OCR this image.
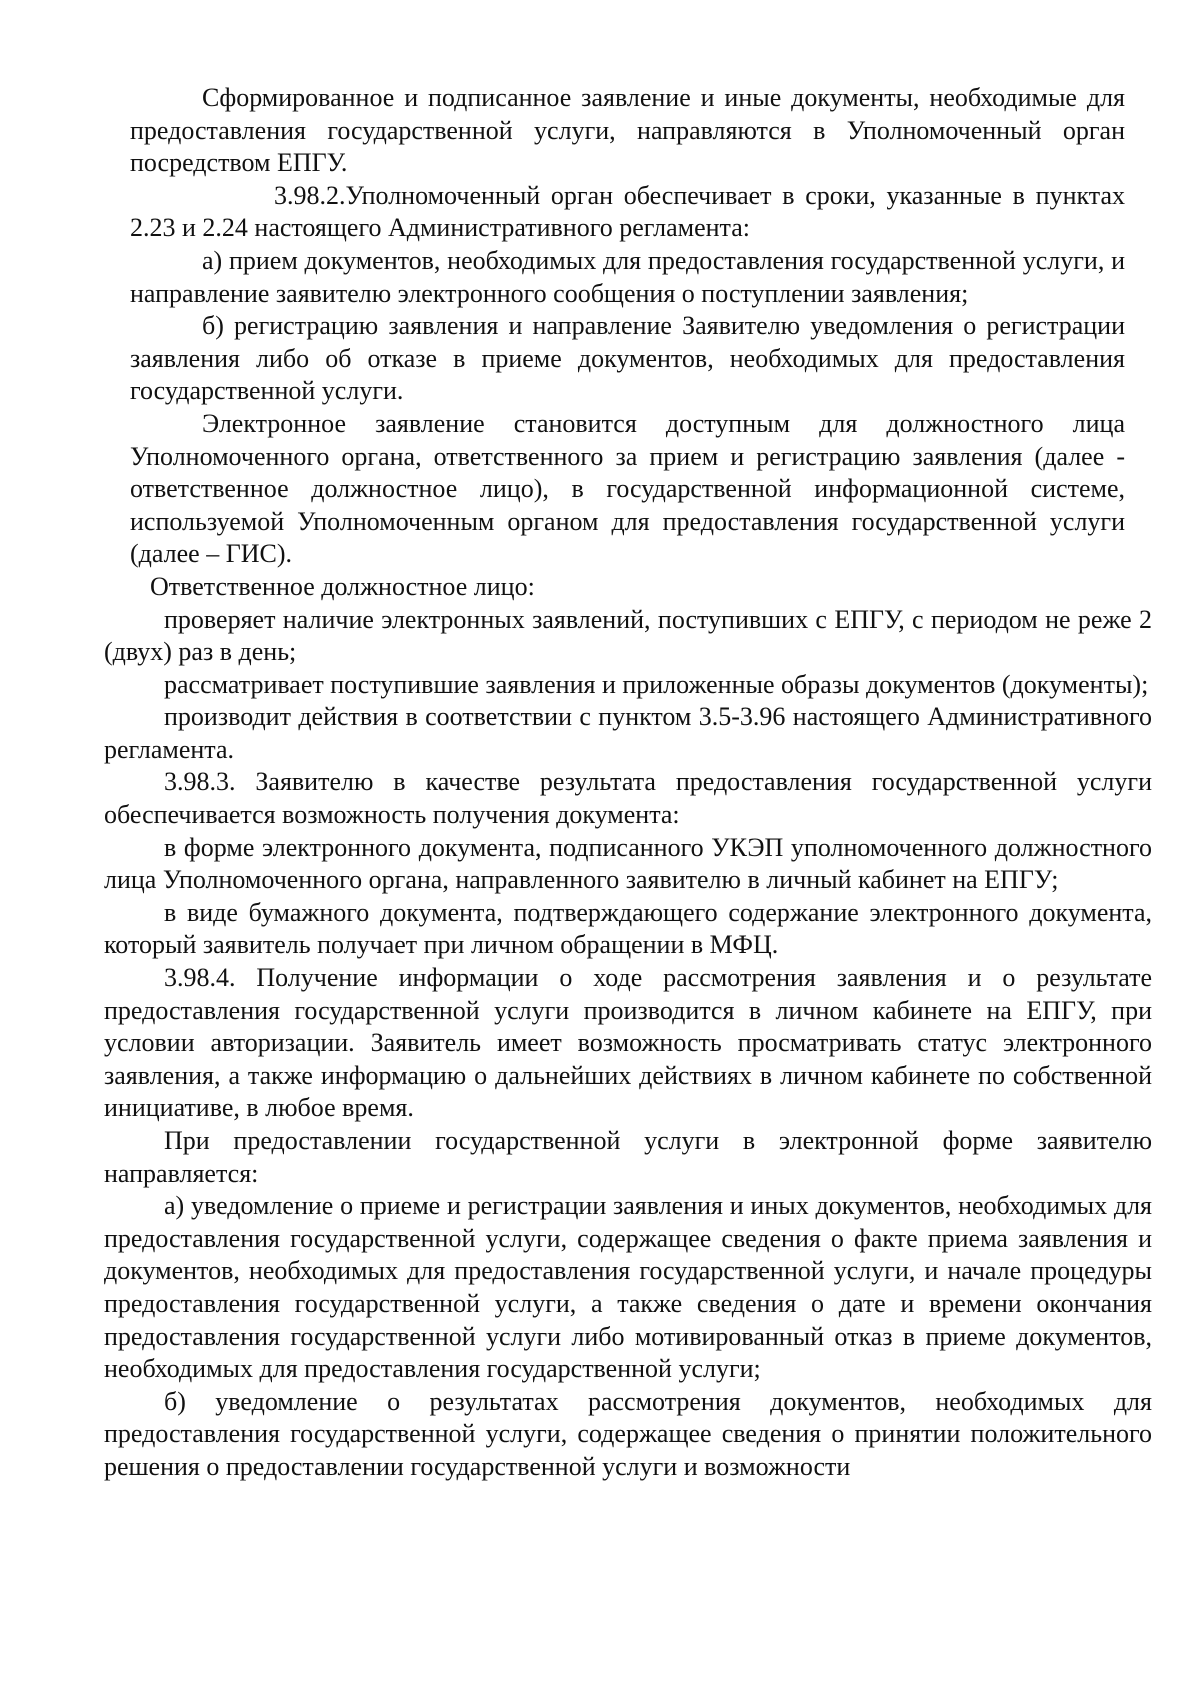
Сформированное и подписанное заявление и иные документы, необходимые для предоставления государственной услуги, направляются в Уполномоченный орган посредством ЕПГУ.

3.98.2.Уполномоченный орган обеспечивает в сроки, указанные в пунктах 2.23 и 2.24 настоящего Административного регламента:

а) прием документов, необходимых для предоставления государственной услуги, и направление заявителю электронного сообщения о поступлении заявления;

б) регистрацию заявления и направление Заявителю уведомления о регистрации заявления либо об отказе в приеме документов, необходимых для предоставления государственной услуги.

Электронное заявление становится доступным для должностного лица Уполномоченного органа, ответственного за прием и регистрацию заявления (далее - ответственное должностное лицо), в государственной информационной системе, используемой Уполномоченным органом для предоставления государственной услуги (далее – ГИС).

Ответственное должностное лицо:

проверяет наличие электронных заявлений, поступивших с ЕПГУ, с периодом не реже 2 (двух) раз в день;

рассматривает поступившие заявления и приложенные образы документов (документы);

производит действия в соответствии с пунктом 3.5-3.96 настоящего Административного регламента.

3.98.3. Заявителю в качестве результата предоставления государственной услуги обеспечивается возможность получения документа:

в форме электронного документа, подписанного УКЭП уполномоченного должностного лица Уполномоченного органа, направленного заявителю в личный кабинет на ЕПГУ;

в виде бумажного документа, подтверждающего содержание электронного документа, который заявитель получает при личном обращении в МФЦ.

3.98.4. Получение информации о ходе рассмотрения заявления и о результате предоставления государственной услуги производится в личном кабинете на ЕПГУ, при условии авторизации. Заявитель имеет возможность просматривать статус электронного заявления, а также информацию о дальнейших действиях в личном кабинете по собственной инициативе, в любое время.

При предоставлении государственной услуги в электронной форме заявителю направляется:

а) уведомление о приеме и регистрации заявления и иных документов, необходимых для предоставления государственной услуги, содержащее сведения о факте приема заявления и документов, необходимых для предоставления государственной услуги, и начале процедуры предоставления государственной услуги, а также сведения о дате и времени окончания предоставления государственной услуги либо мотивированный отказ в приеме документов, необходимых для предоставления государственной услуги;

б) уведомление о результатах рассмотрения документов, необходимых для предоставления государственной услуги, содержащее сведения о принятии положительного решения о предоставлении государственной услуги и возможности
